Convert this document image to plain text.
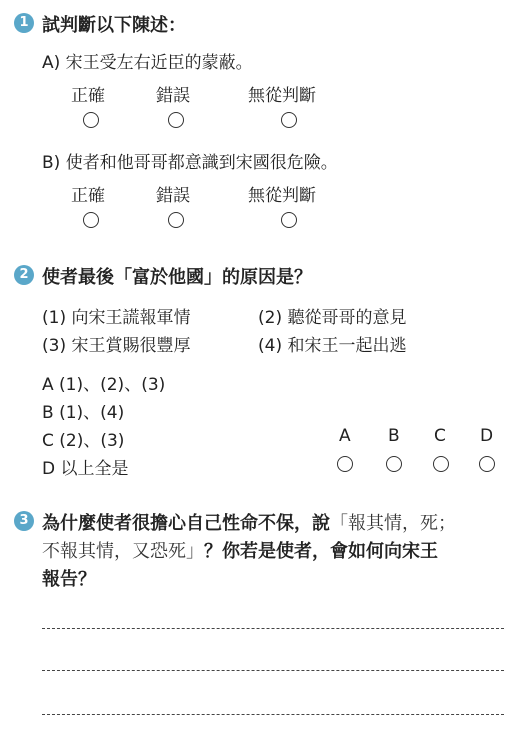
1 試判斷以下陳述：
A) 宋王受左右近臣的蒙蔽。
正確	錯誤	無從判斷
B) 使者和他哥哥都意識到宋國很危險。
正確	錯誤	無從判斷
2 使者最後「富於他國」的原因是？
(1) 向宋王謊報軍情	(2) 聽從哥哥的意見
(3) 宋王賞賜很豐厚	(4) 和宋王一起出逃
A (1)、(2)、(3)
B (1)、(4)
C (2)、(3)
D 以上全是
A B C D
3 為什麼使者很擔心自己性命不保，說「報其情，死；
不報其情，又恐死」？你若是使者，會如何向宋王
報告？
